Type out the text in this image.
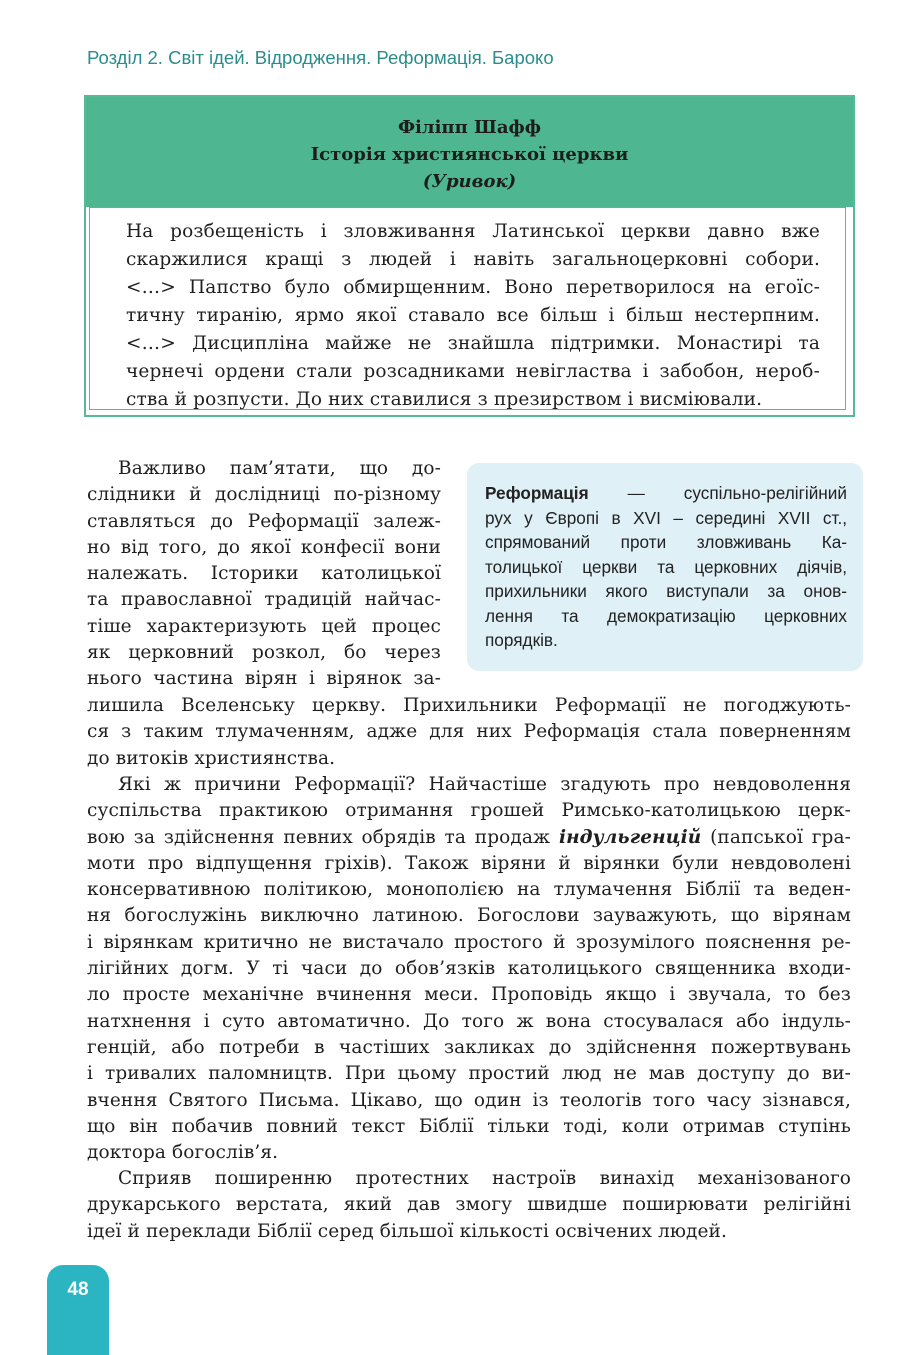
Розділ 2. Світ ідей. Відродження. Реформація. Бароко
Філіпп Шафф
Історія християнської церкви
(Уривок)
На розбещеність і зловживання Латинської церкви давно вже
скаржилися кращі з людей і навіть загальноцерковні собори.
<…> Папство було обмирщенним. Воно перетворилося на егоїс-
тичну тиранію, ярмо якої ставало все більш і більш нестерпним.
<…> Дисципліна майже не знайшла підтримки. Монастирі та
чернечі ордени стали розсадниками невігластва і забобон, нероб-
ства й розпусти. До них ставилися з презирством і висміювали.
Реформація — суспільно-релігійний
рух у Європі в XVI – середині XVII ст.,
спрямований проти зловживань Ка-
толицької церкви та церковних діячів,
прихильники якого виступали за онов-
лення та демократизацію церковних
порядків.
Важливо пам’ятати, що до-
слідники й дослідниці по-різному
ставляться до Реформації залеж-
но від того, до якої конфесії вони
належать. Історики католицької
та православної традицій найчас-
тіше характеризують цей процес
як церковний розкол, бо через
нього частина вірян і вірянок за-
лишила Вселенську церкву. Прихильники Реформації не погоджують-
ся з таким тлумаченням, адже для них Реформація стала поверненням
до витоків християнства.
Які ж причини Реформації? Найчастіше згадують про невдоволення
суспільства практикою отримання грошей Римсько-католицькою церк-
вою за здійснення певних обрядів та продаж індульгенцій (папської гра-
мoти про відпущення гріхів). Також віряни й вірянки були невдоволені
консервативною політикою, монополією на тлумачення Біблії та веден-
ня богослужінь виключно латиною. Богослови зауважують, що вірянам
і вірянкам критично не вистачало простого й зрозумілого пояснення ре-
лігійних догм. У ті часи до обов’язків католицького священника входи-
ло просте механічне вчинення меси. Проповідь якщо і звучала, то без
натхнення і суто автоматично. До того ж вона стосувалася або індуль-
генцій, або потреби в частіших закликах до здійснення пожертвувань
і тривалих паломництв. При цьому простий люд не мав доступу до ви-
вчення Святого Письма. Цікаво, що один із теологів того часу зізнався,
що він побачив повний текст Біблії тільки тоді, коли отримав ступінь
доктора богослів’я.
Сприяв поширенню протестних настроїв винахід механізованого
друкарського верстата, який дав змогу швидше поширювати релігійні
ідеї й переклади Біблії серед більшої кількості освічених людей.
48
